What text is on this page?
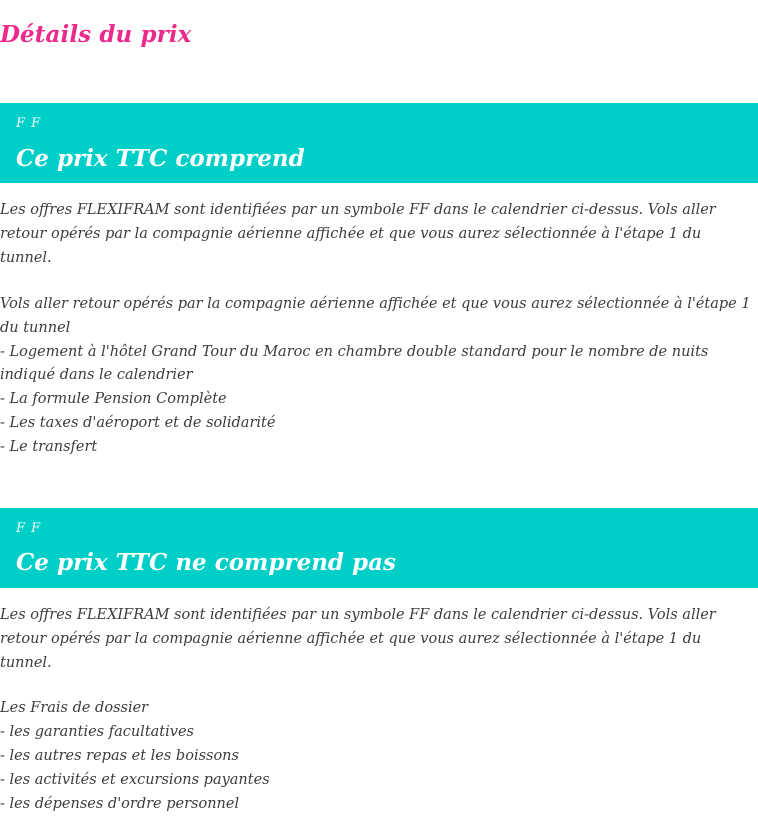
Détails du prix
F F
Ce prix TTC comprend

Les offres FLEXIFRAM sont identifiées par un symbole FF dans le calendrier ci-dessus. Vols aller retour opérés par la compagnie aérienne affichée et que vous aurez sélectionnée à l'étape 1 du tunnel.

Vols aller retour opérés par la compagnie aérienne affichée et que vous aurez sélectionnée à l'étape 1 du tunnel

- Logement à l'hôtel Grand Tour du Maroc en chambre double standard pour le nombre de nuits indiqué dans le calendrier

- La formule Pension Complète

- Les taxes d'aéroport et de solidarité

- Le transfert

F F
Ce prix TTC ne comprend pas

Les offres FLEXIFRAM sont identifiées par un symbole FF dans le calendrier ci-dessus. Vols aller retour opérés par la compagnie aérienne affichée et que vous aurez sélectionnée à l'étape 1 du tunnel.

Les Frais de dossier

- les garanties facultatives

- les autres repas et les boissons

- les activités et excursions payantes

- les dépenses d'ordre personnel
